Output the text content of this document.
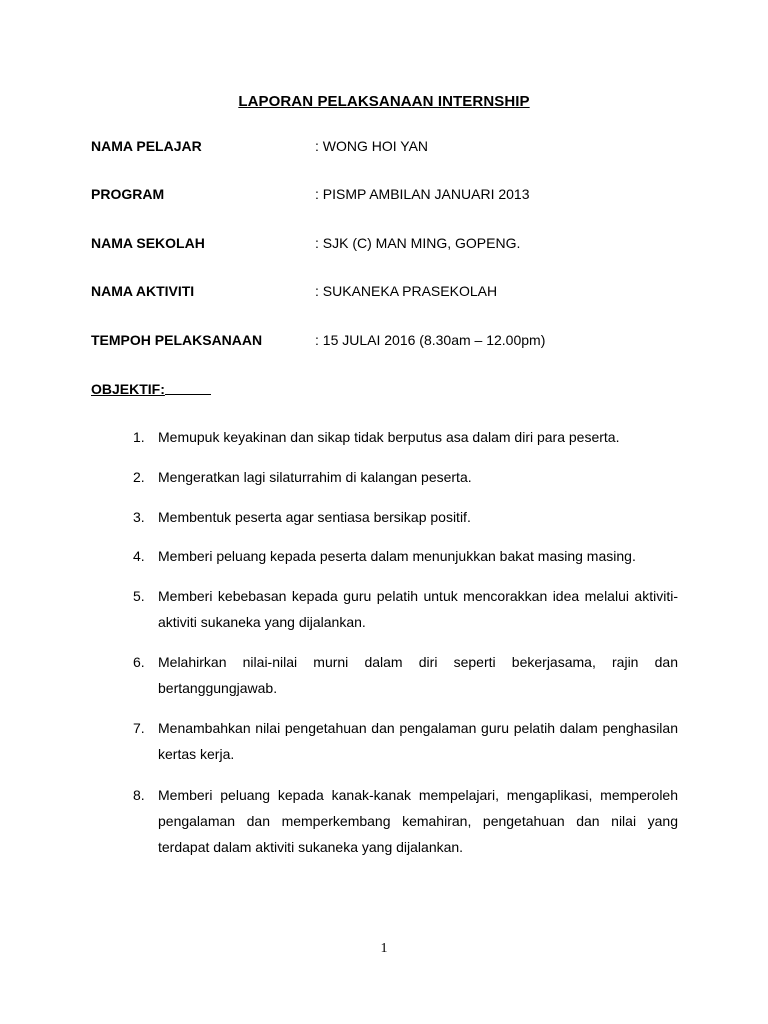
LAPORAN PELAKSANAAN INTERNSHIP
NAMA PELAJAR	: WONG HOI YAN
PROGRAM	: PISMP AMBILAN JANUARI 2013
NAMA SEKOLAH	: SJK (C) MAN MING, GOPENG.
NAMA AKTIVITI	: SUKANEKA PRASEKOLAH
TEMPOH PELAKSANAAN	: 15 JULAI 2016 (8.30am – 12.00pm)
OBJEKTIF:
1. Memupuk keyakinan dan sikap tidak berputus asa dalam diri para peserta.
2. Mengeratkan lagi silaturrahim di kalangan peserta.
3. Membentuk peserta agar sentiasa bersikap positif.
4. Memberi peluang kepada peserta dalam menunjukkan bakat masing masing.
5. Memberi kebebasan kepada guru pelatih untuk mencorakkan idea melalui aktiviti-aktiviti sukaneka yang dijalankan.
6. Melahirkan nilai-nilai murni dalam diri seperti bekerjasama, rajin dan bertanggungjawab.
7. Menambahkan nilai pengetahuan dan pengalaman guru pelatih dalam penghasilan kertas kerja.
8. Memberi peluang kepada kanak-kanak mempelajari, mengaplikasi, memperoleh pengalaman dan memperkembang kemahiran, pengetahuan dan nilai yang terdapat dalam aktiviti sukaneka yang dijalankan.
1
